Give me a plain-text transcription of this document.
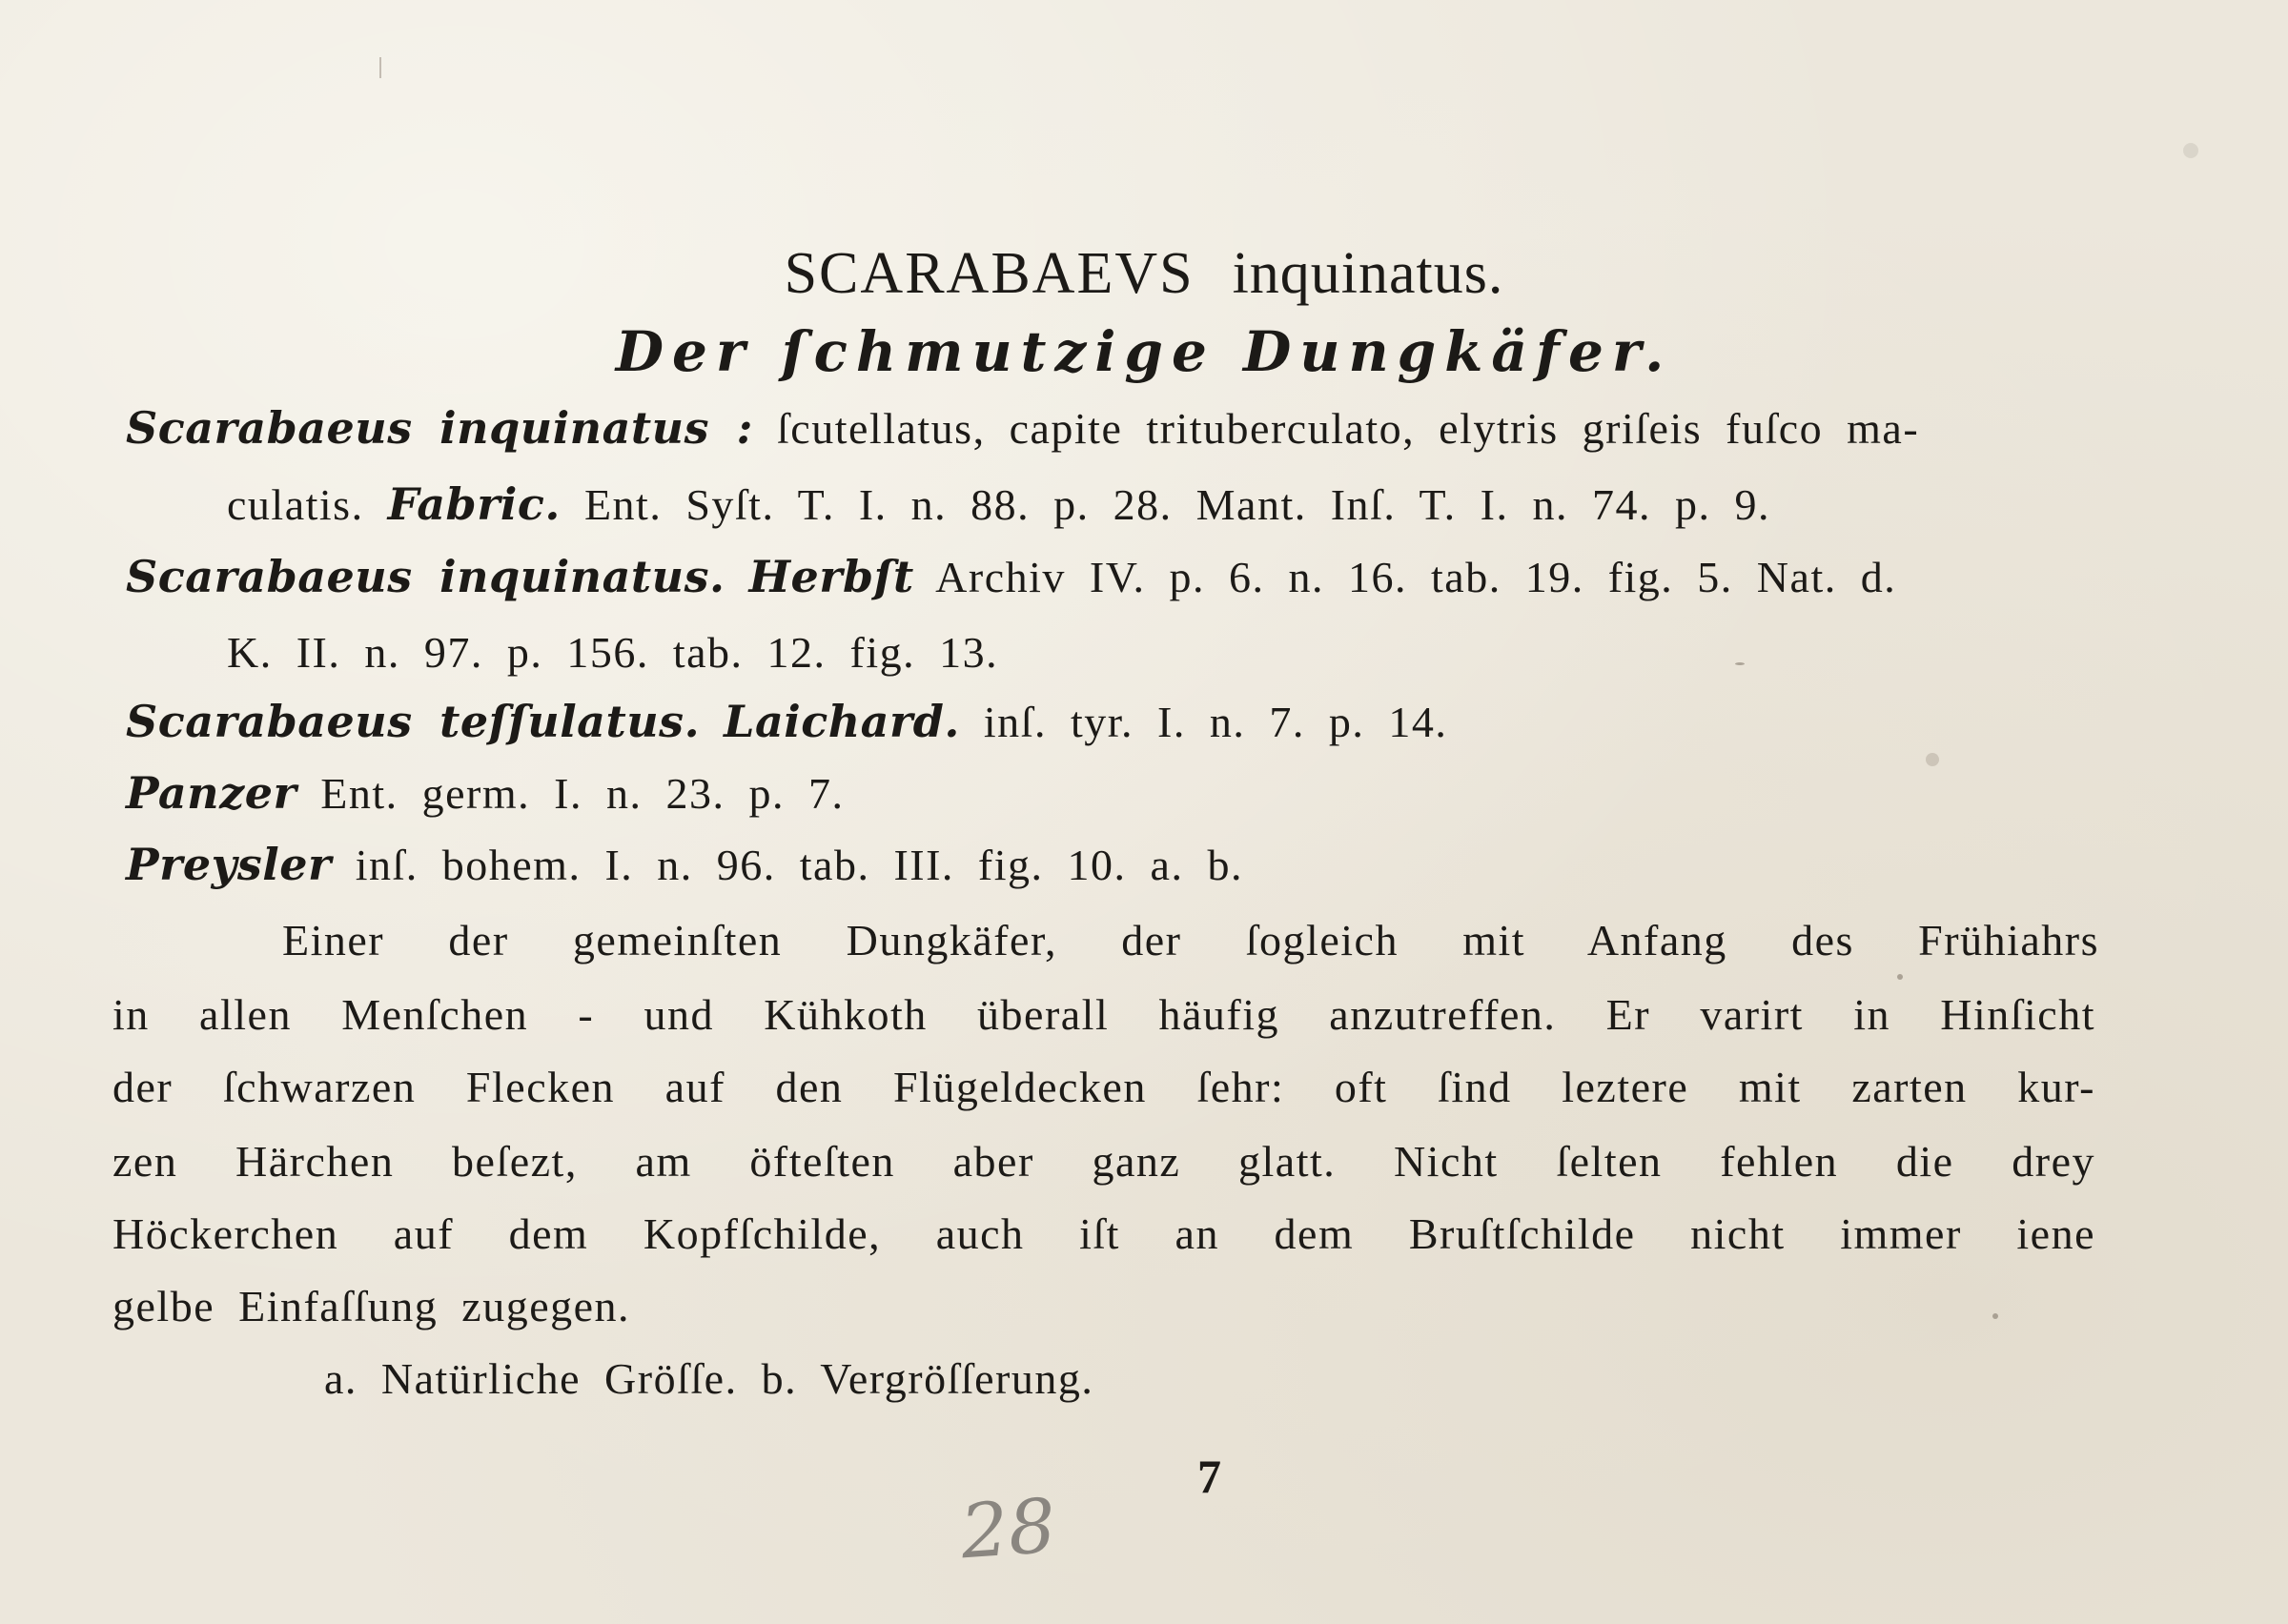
SCARABAEVS inquinatus.
Der ſchmutzige Dungkäfer.
Scarabaeus inquinatus : ſcutellatus, capite trituberculato, elytris griſeis fuſco ma-
culatis. Fabric. Ent. Syſt. T. I. n. 88. p. 28. Mant. Inſ. T. I. n. 74. p. 9.
Scarabaeus inquinatus. Herbſt Archiv IV. p. 6. n. 16. tab. 19. fig. 5. Nat. d.
K. II. n. 97. p. 156. tab. 12. fig. 13.
Scarabaeus teſſulatus. Laichard. inſ. tyr. I. n. 7. p. 14.
Panzer Ent. germ. I. n. 23. p. 7.
Preysler inſ. bohem. I. n. 96. tab. III. fig. 10. a. b.
Einer der gemeinſten Dungkäfer, der ſogleich mit Anfang des Frühiahrs
in allen Menſchen - und Kühkoth überall häufig anzutreffen. Er varirt in Hinſicht
der ſchwarzen Flecken auf den Flügeldecken ſehr: oft ſind leztere mit zarten kur-
zen Härchen beſezt, am öfteſten aber ganz glatt. Nicht ſelten fehlen die drey
Höckerchen auf dem Kopfſchilde, auch iſt an dem Bruſtſchilde nicht immer iene
gelbe Einfaſſung zugegen.
a. Natürliche Gröſſe. b. Vergröſſerung.
28
7
